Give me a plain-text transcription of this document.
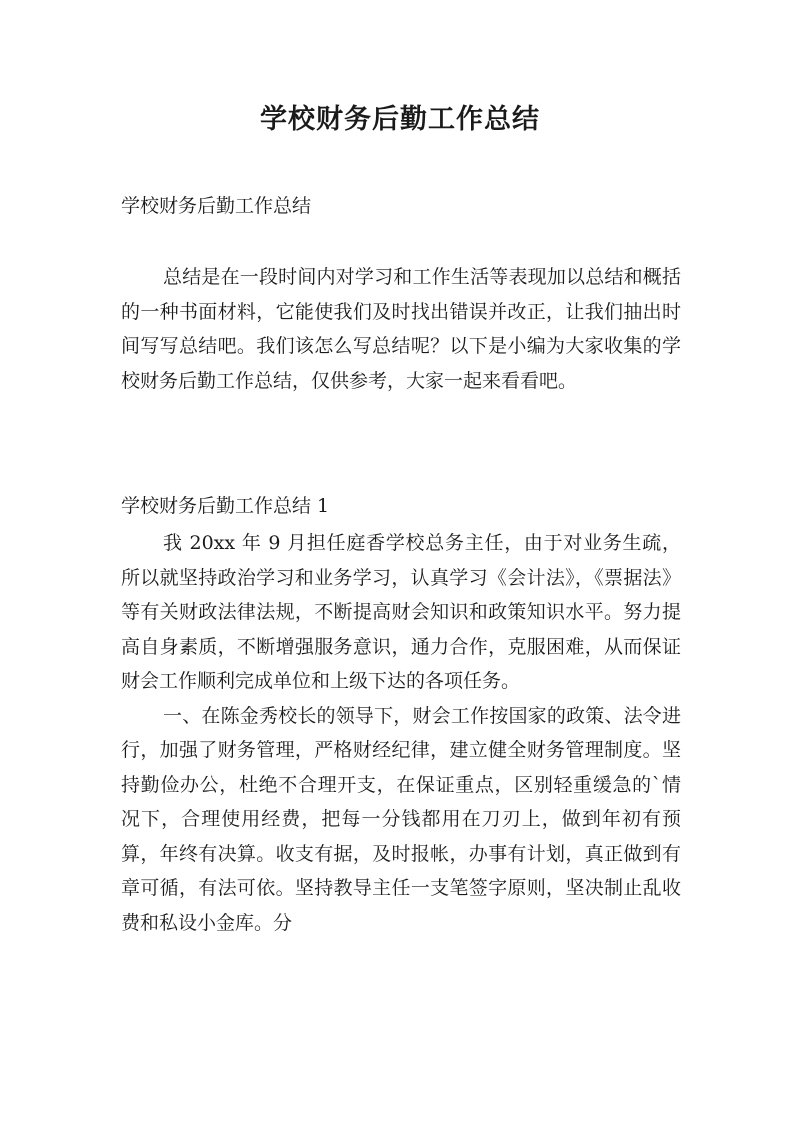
学校财务后勤工作总结
学校财务后勤工作总结

总结是在一段时间内对学习和工作生活等表现加以总结和概括的一种书面材料，它能使我们及时找出错误并改正，让我们抽出时间写写总结吧。我们该怎么写总结呢？以下是小编为大家收集的学校财务后勤工作总结，仅供参考，大家一起来看看吧。

学校财务后勤工作总结 1

我 20xx 年 9 月担任庭香学校总务主任，由于对业务生疏，所以就坚持政治学习和业务学习，认真学习《会计法》，《票据法》等有关财政法律法规，不断提高财会知识和政策知识水平。努力提高自身素质，不断增强服务意识，通力合作，克服困难，从而保证财会工作顺利完成单位和上级下达的各项任务。

一、在陈金秀校长的领导下，财会工作按国家的政策、法令进行，加强了财务管理，严格财经纪律，建立健全财务管理制度。坚持勤俭办公，杜绝不合理开支，在保证重点，区别轻重缓急的`情况下，合理使用经费，把每一分钱都用在刀刃上，做到年初有预算，年终有决算。收支有据，及时报帐，办事有计划，真正做到有章可循，有法可依。坚持教导主任一支笔签字原则，坚决制止乱收费和私设小金库。分
